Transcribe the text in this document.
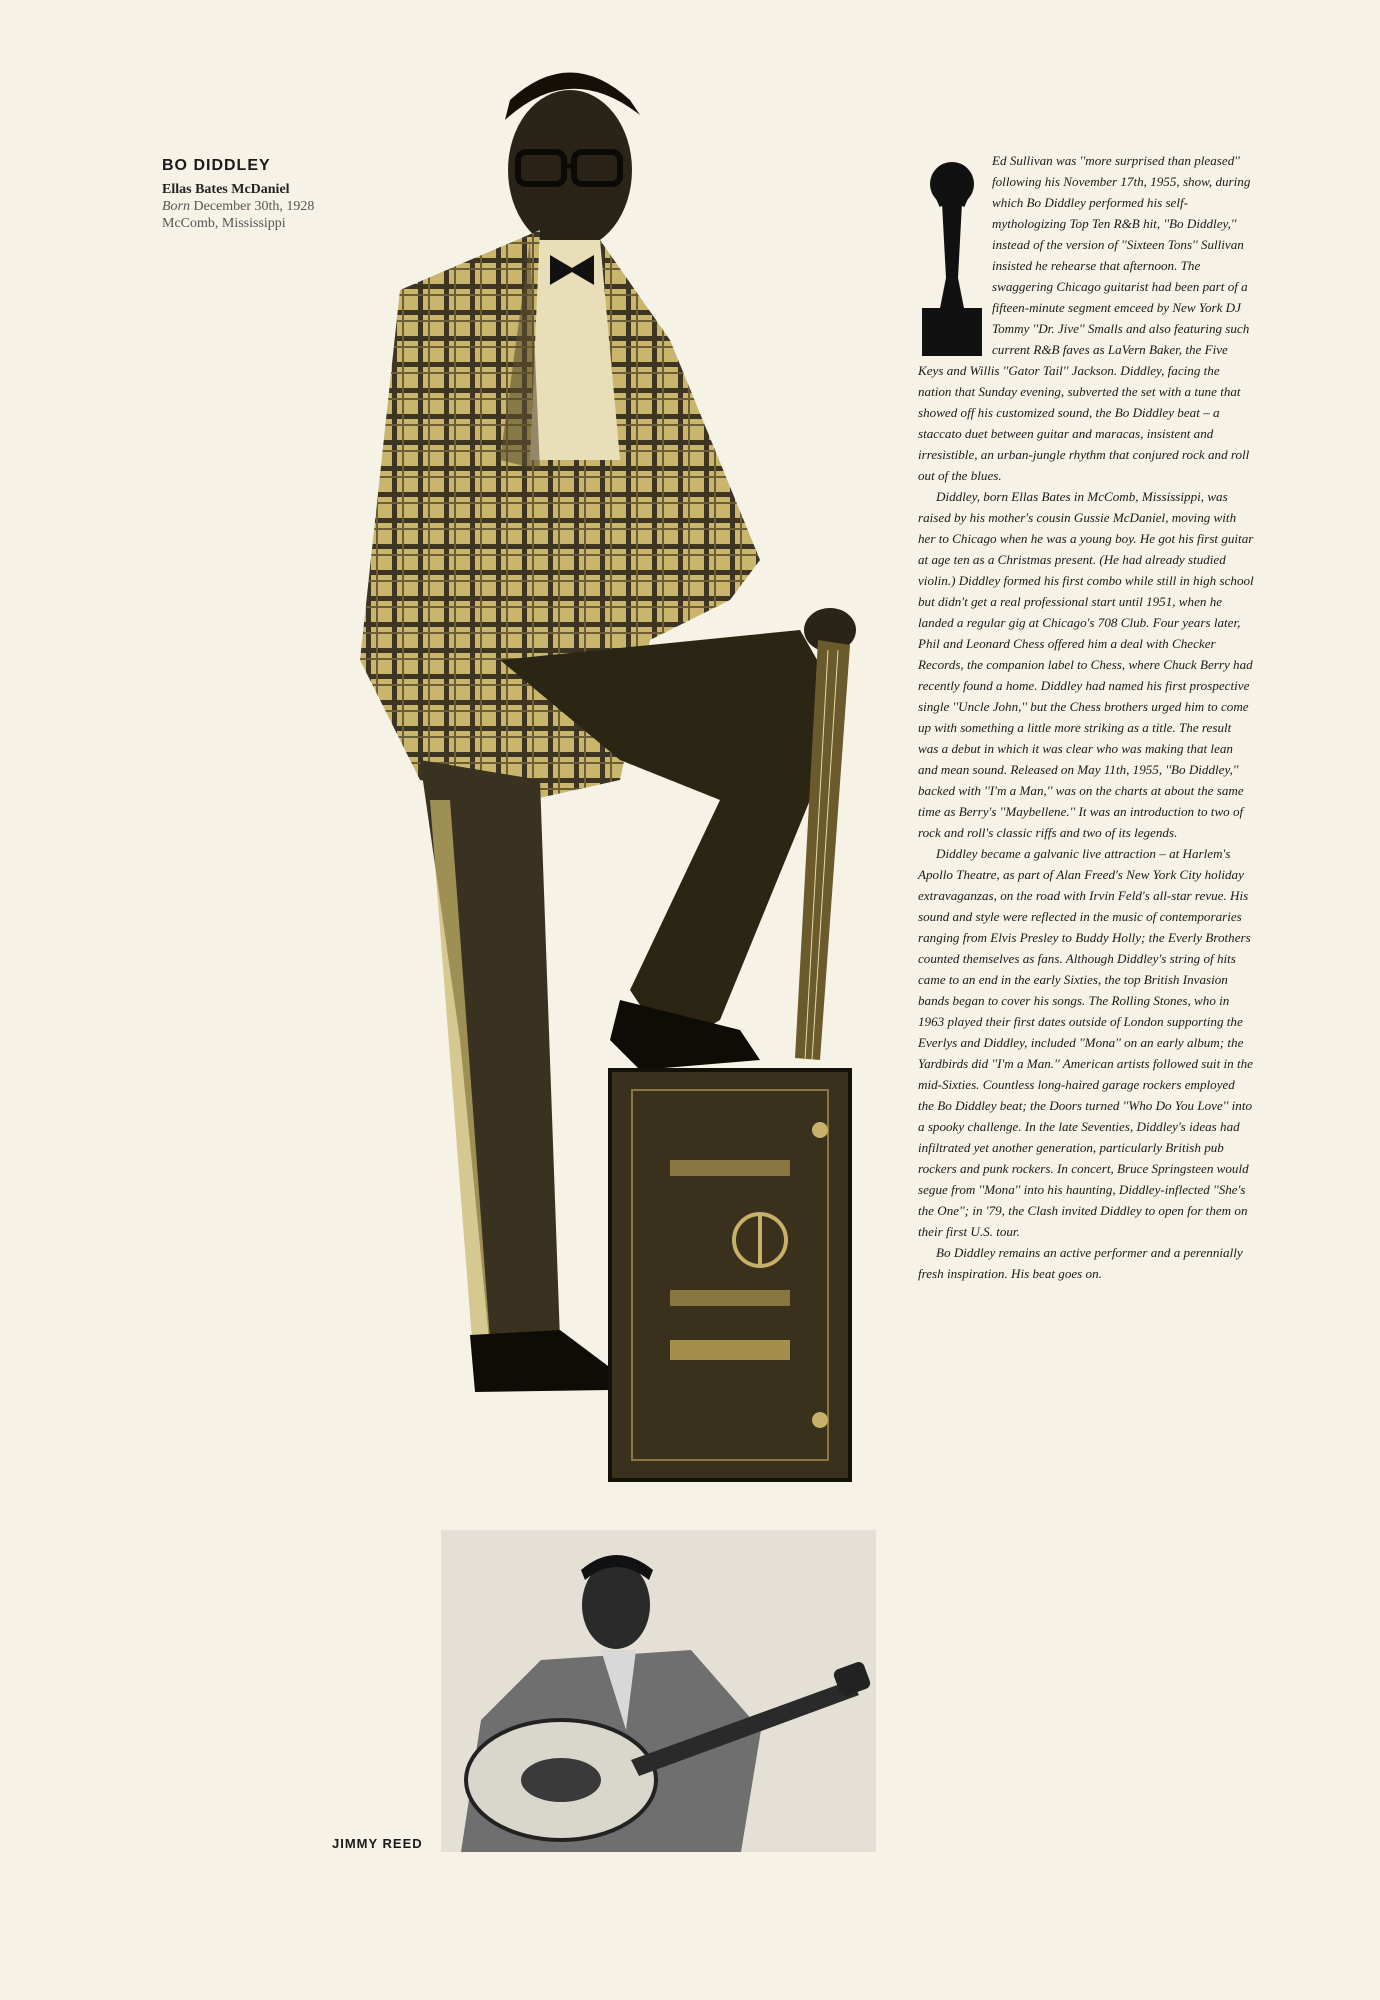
BO DIDDLEY
Ellas Bates McDaniel
Born December 30th, 1928
McComb, Mississippi

Ed Sullivan was ''more surprised than pleased'' following his November 17th, 1955, show, during which Bo Diddley performed his self-mythologizing Top Ten R&B hit, ''Bo Diddley,'' instead of the version of ''Sixteen Tons'' Sullivan insisted he rehearse that afternoon. The swaggering Chicago guitarist had been part of a fifteen-minute segment emceed by New York DJ Tommy ''Dr. Jive'' Smalls and also featuring such current R&B faves as LaVern Baker, the Five Keys and Willis ''Gator Tail'' Jackson. Diddley, facing the nation that Sunday evening, subverted the set with a tune that showed off his customized sound, the Bo Diddley beat – a staccato duet between guitar and maracas, insistent and irresistible, an urban-jungle rhythm that conjured rock and roll out of the blues.

Diddley, born Ellas Bates in McComb, Mississippi, was raised by his mother's cousin Gussie McDaniel, moving with her to Chicago when he was a young boy. He got his first guitar at age ten as a Christmas present. (He had already studied violin.) Diddley formed his first combo while still in high school but didn't get a real professional start until 1951, when he landed a regular gig at Chicago's 708 Club. Four years later, Phil and Leonard Chess offered him a deal with Checker Records, the companion label to Chess, where Chuck Berry had recently found a home. Diddley had named his first prospective single ''Uncle John,'' but the Chess brothers urged him to come up with something a little more striking as a title. The result was a debut in which it was clear who was making that lean and mean sound. Released on May 11th, 1955, ''Bo Diddley,'' backed with ''I'm a Man,'' was on the charts at about the same time as Berry's ''Maybellene.'' It was an introduction to two of rock and roll's classic riffs and two of its legends.

Diddley became a galvanic live attraction – at Harlem's Apollo Theatre, as part of Alan Freed's New York City holiday extravaganzas, on the road with Irvin Feld's all-star revue. His sound and style were reflected in the music of contemporaries ranging from Elvis Presley to Buddy Holly; the Everly Brothers counted themselves as fans. Although Diddley's string of hits came to an end in the early Sixties, the top British Invasion bands began to cover his songs. The Rolling Stones, who in 1963 played their first dates outside of London supporting the Everlys and Diddley, included ''Mona'' on an early album; the Yardbirds did ''I'm a Man.'' American artists followed suit in the mid-Sixties. Countless long-haired garage rockers employed the Bo Diddley beat; the Doors turned ''Who Do You Love'' into a spooky challenge. In the late Seventies, Diddley's ideas had infiltrated yet another generation, particularly British pub rockers and punk rockers. In concert, Bruce Springsteen would segue from ''Mona'' into his haunting, Diddley-inflected ''She's the One''; in '79, the Clash invited Diddley to open for them on their first U.S. tour.

Bo Diddley remains an active performer and a perennially fresh inspiration. His beat goes on.

JIMMY REED
